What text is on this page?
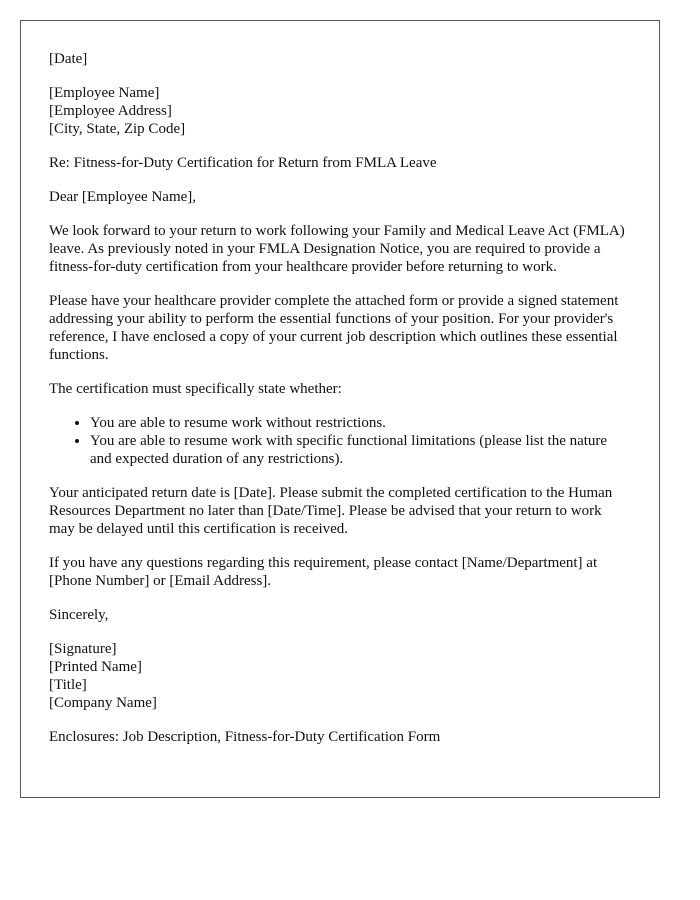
[Date]

[Employee Name]
[Employee Address]
[City, State, Zip Code]

Re: Fitness-for-Duty Certification for Return from FMLA Leave

Dear [Employee Name],

We look forward to your return to work following your Family and Medical Leave Act (FMLA) leave. As previously noted in your FMLA Designation Notice, you are required to provide a fitness-for-duty certification from your healthcare provider before returning to work.

Please have your healthcare provider complete the attached form or provide a signed statement addressing your ability to perform the essential functions of your position. For your provider's reference, I have enclosed a copy of your current job description which outlines these essential functions.

The certification must specifically state whether:

• You are able to resume work without restrictions.
• You are able to resume work with specific functional limitations (please list the nature and expected duration of any restrictions).

Your anticipated return date is [Date]. Please submit the completed certification to the Human Resources Department no later than [Date/Time]. Please be advised that your return to work may be delayed until this certification is received.

If you have any questions regarding this requirement, please contact [Name/Department] at [Phone Number] or [Email Address].

Sincerely,

[Signature]
[Printed Name]
[Title]
[Company Name]

Enclosures: Job Description, Fitness-for-Duty Certification Form
